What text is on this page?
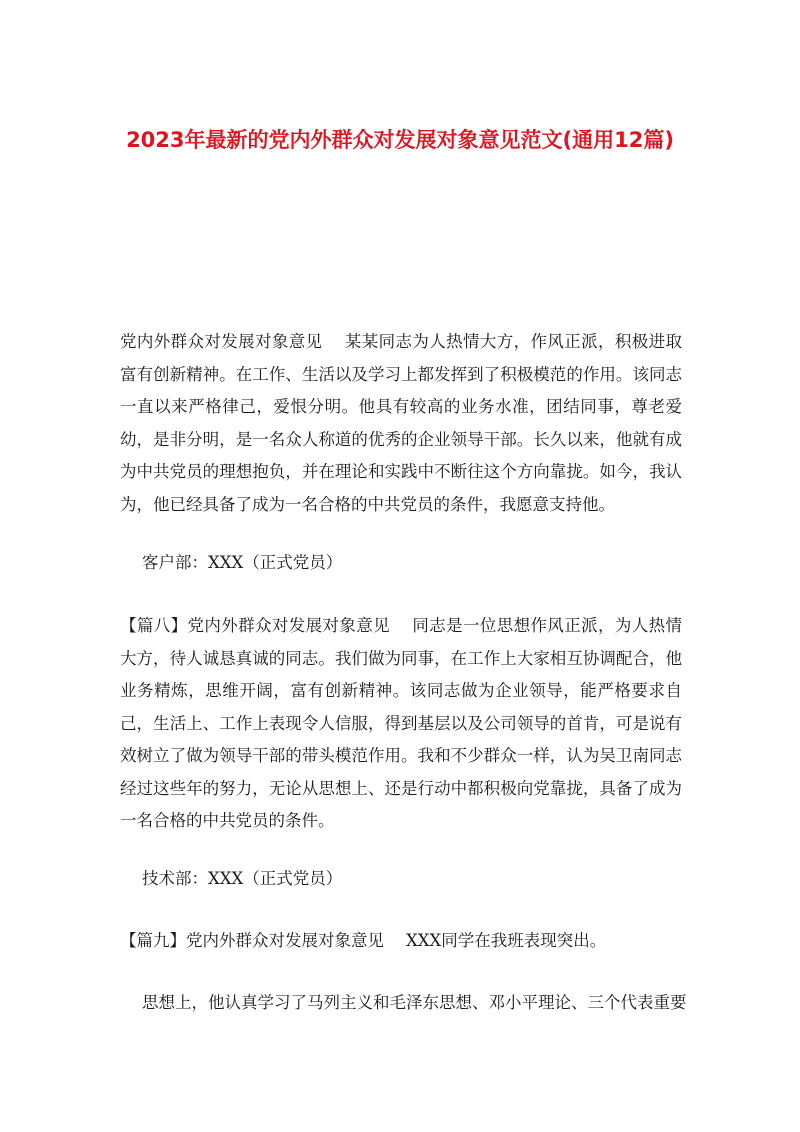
2023年最新的党内外群众对发展对象意见范文(通用12篇)

党内外群众对发展对象意见 某某同志为人热情大方，作风正派，积极进取富有创新精神。在工作、生活以及学习上都发挥到了积极模范的作用。该同志一直以来严格律己，爱恨分明。他具有较高的业务水准，团结同事，尊老爱幼，是非分明，是一名众人称道的优秀的企业领导干部。长久以来，他就有成为中共党员的理想抱负，并在理论和实践中不断往这个方向靠拢。如今，我认为，他已经具备了成为一名合格的中共党员的条件，我愿意支持他。

客户部：XXX（正式党员）

【篇八】党内外群众对发展对象意见 同志是一位思想作风正派，为人热情大方，待人诚恳真诚的同志。我们做为同事，在工作上大家相互协调配合，他业务精炼，思维开阔，富有创新精神。该同志做为企业领导，能严格要求自己，生活上、工作上表现令人信服，得到基层以及公司领导的首肯，可是说有效树立了做为领导干部的带头模范作用。我和不少群众一样，认为吴卫南同志经过这些年的努力，无论从思想上、还是行动中都积极向党靠拢，具备了成为一名合格的中共党员的条件。

技术部：XXX（正式党员）

【篇九】党内外群众对发展对象意见 XXX同学在我班表现突出。

思想上，他认真学习了马列主义和毛泽东思想、邓小平理论、三个代表重要
